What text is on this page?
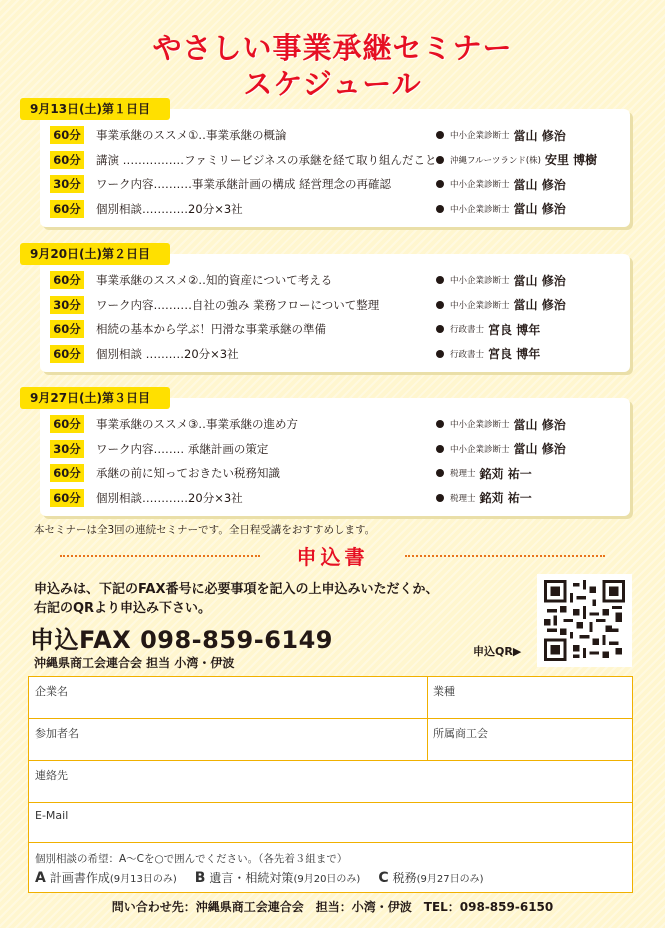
やさしい事業承継セミナー
スケジュール
9月13日(土)第１日目
60分 事業承継のススメ①‥事業承継の概論	中小企業診断士 當山 修治
60分 講演 ‥‥‥‥‥‥‥‥ファミリービジネスの承継を経て取り組んだこと 沖縄フルーツランド(株) 安里 博樹
30分 ワーク内容‥‥‥‥‥事業承継計画の構成 経営理念の再確認	中小企業診断士 當山 修治
60分 個別相談‥‥‥‥‥‥20分×3社	中小企業診断士 當山 修治
9月20日(土)第２日目
60分 事業承継のススメ②‥知的資産について考える	中小企業診断士 當山 修治
30分 ワーク内容‥‥‥‥‥自社の強み 業務フローについて整理	中小企業診断士 當山 修治
60分 相続の基本から学ぶ！円滑な事業承継の準備	行政書士 宮良 博年
60分 個別相談 ‥‥‥‥‥20分×3社	行政書士 宮良 博年
9月27日(土)第３日目
60分 事業承継のススメ③‥事業承継の進め方	中小企業診断士 當山 修治
30分 ワーク内容‥‥‥‥ 承継計画の策定	中小企業診断士 當山 修治
60分 承継の前に知っておきたい税務知識	税理士 銘苅 祐一
60分 個別相談‥‥‥‥‥‥20分×3社	税理士 銘苅 祐一
本セミナーは全3回の連続セミナーです。全日程受講をおすすめします。
申込書
申込みは、下記のFAX番号に必要事項を記入の上申込みいただくか、
右記のQRより申込み下さい。
申込FAX 098-859-6149
沖縄県商工会連合会 担当 小湾・伊波
申込QR▶
企業名	業種
参加者名	所属商工会
連絡先
E-Mail
個別相談の希望：A〜Cを○で囲んでください。（各先着３組まで）
A 計画書作成(9月13日のみ) B 遺言・相続対策(9月20日のみ) C 税務(9月27日のみ)
問い合わせ先：沖縄県商工会連合会　担当：小湾・伊波　TEL：098-859-6150
